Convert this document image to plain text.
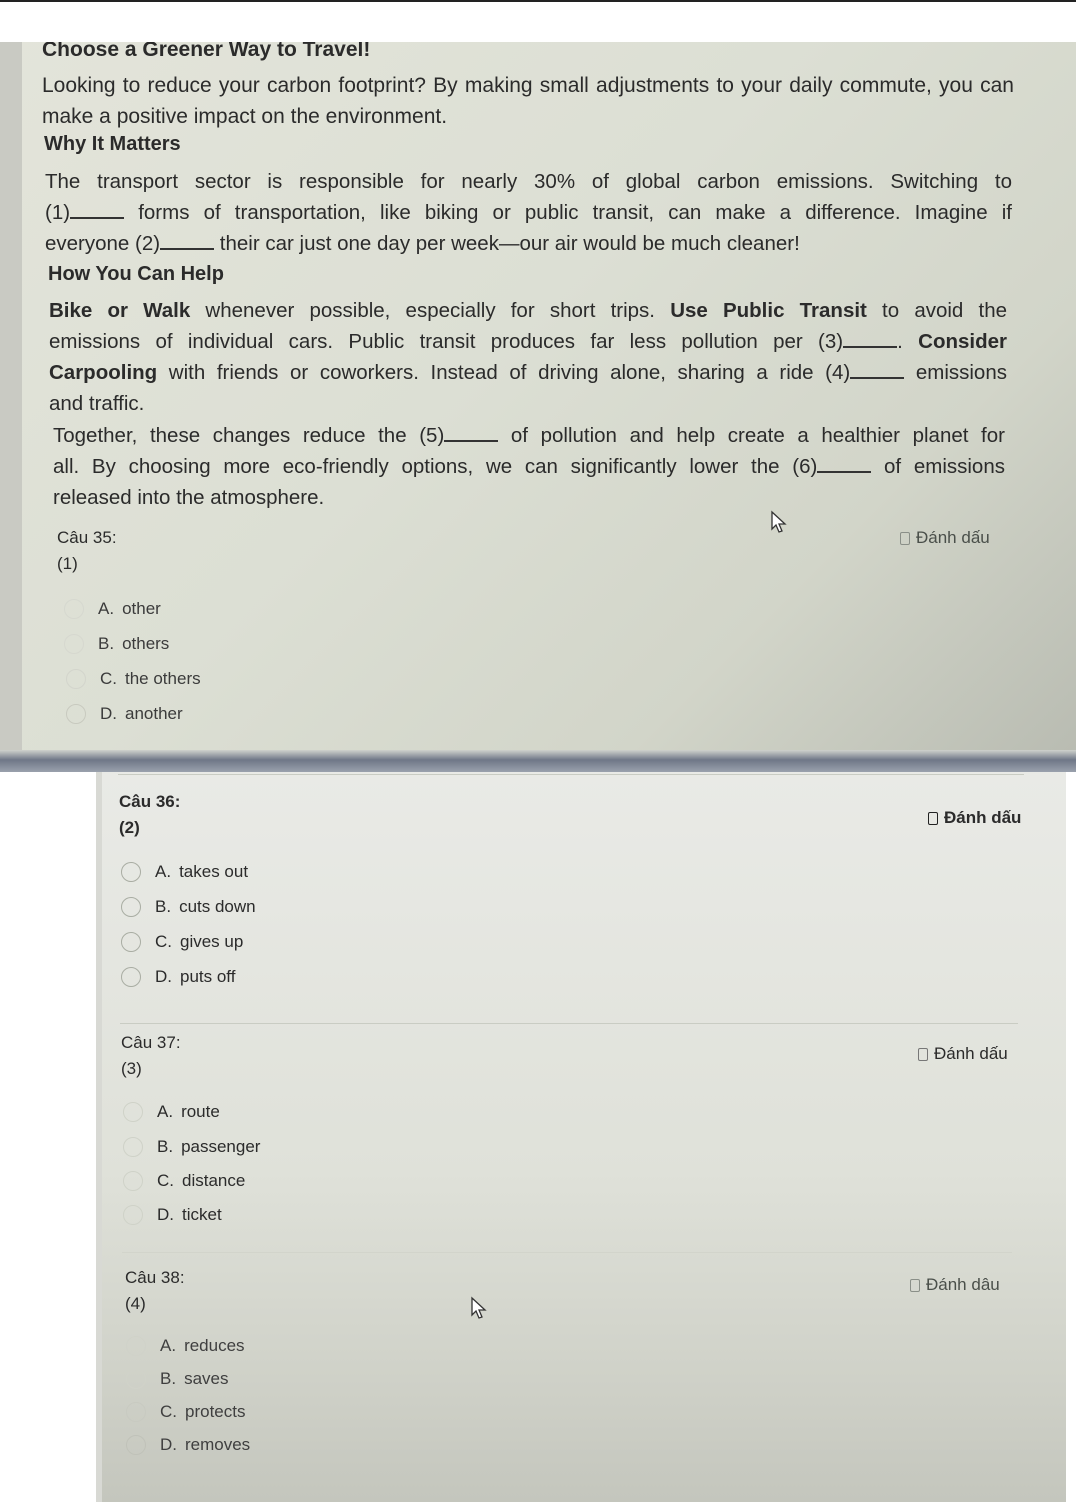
Choose a Greener Way to Travel!
Looking to reduce your carbon footprint? By making small adjustments to your daily commute, you can make a positive impact on the environment.
Why It Matters
The transport sector is responsible for nearly 30% of global carbon emissions. Switching to
(1)	forms of transportation, like biking or public transit, can make a difference. Imagine if
everyone (2)	their car just one day per week—our air would be much cleaner!
How You Can Help
Bike or Walk whenever possible, especially for short trips. Use Public Transit to avoid the
emissions of individual cars. Public transit produces far less pollution per (3)	. Consider
Carpooling with friends or coworkers. Instead of driving alone, sharing a ride (4)	emissions
and traffic.
Together, these changes reduce the (5)	of pollution and help create a healthier planet for
all. By choosing more eco-friendly options, we can significantly lower the (6)	of emissions
released into the atmosphere.
Câu 35:
(1)
Đánh dấu
A. other
B. others
C. the others
D. another
Câu 36:
(2)
Đánh dấu
A. takes out
B. cuts down
C. gives up
D. puts off
Câu 37:
(3)
Đánh dấu
A. route
B. passenger
C. distance
D. ticket
Câu 38:
(4)
Đánh dâu
A. reduces
B. saves
C. protects
D. removes
